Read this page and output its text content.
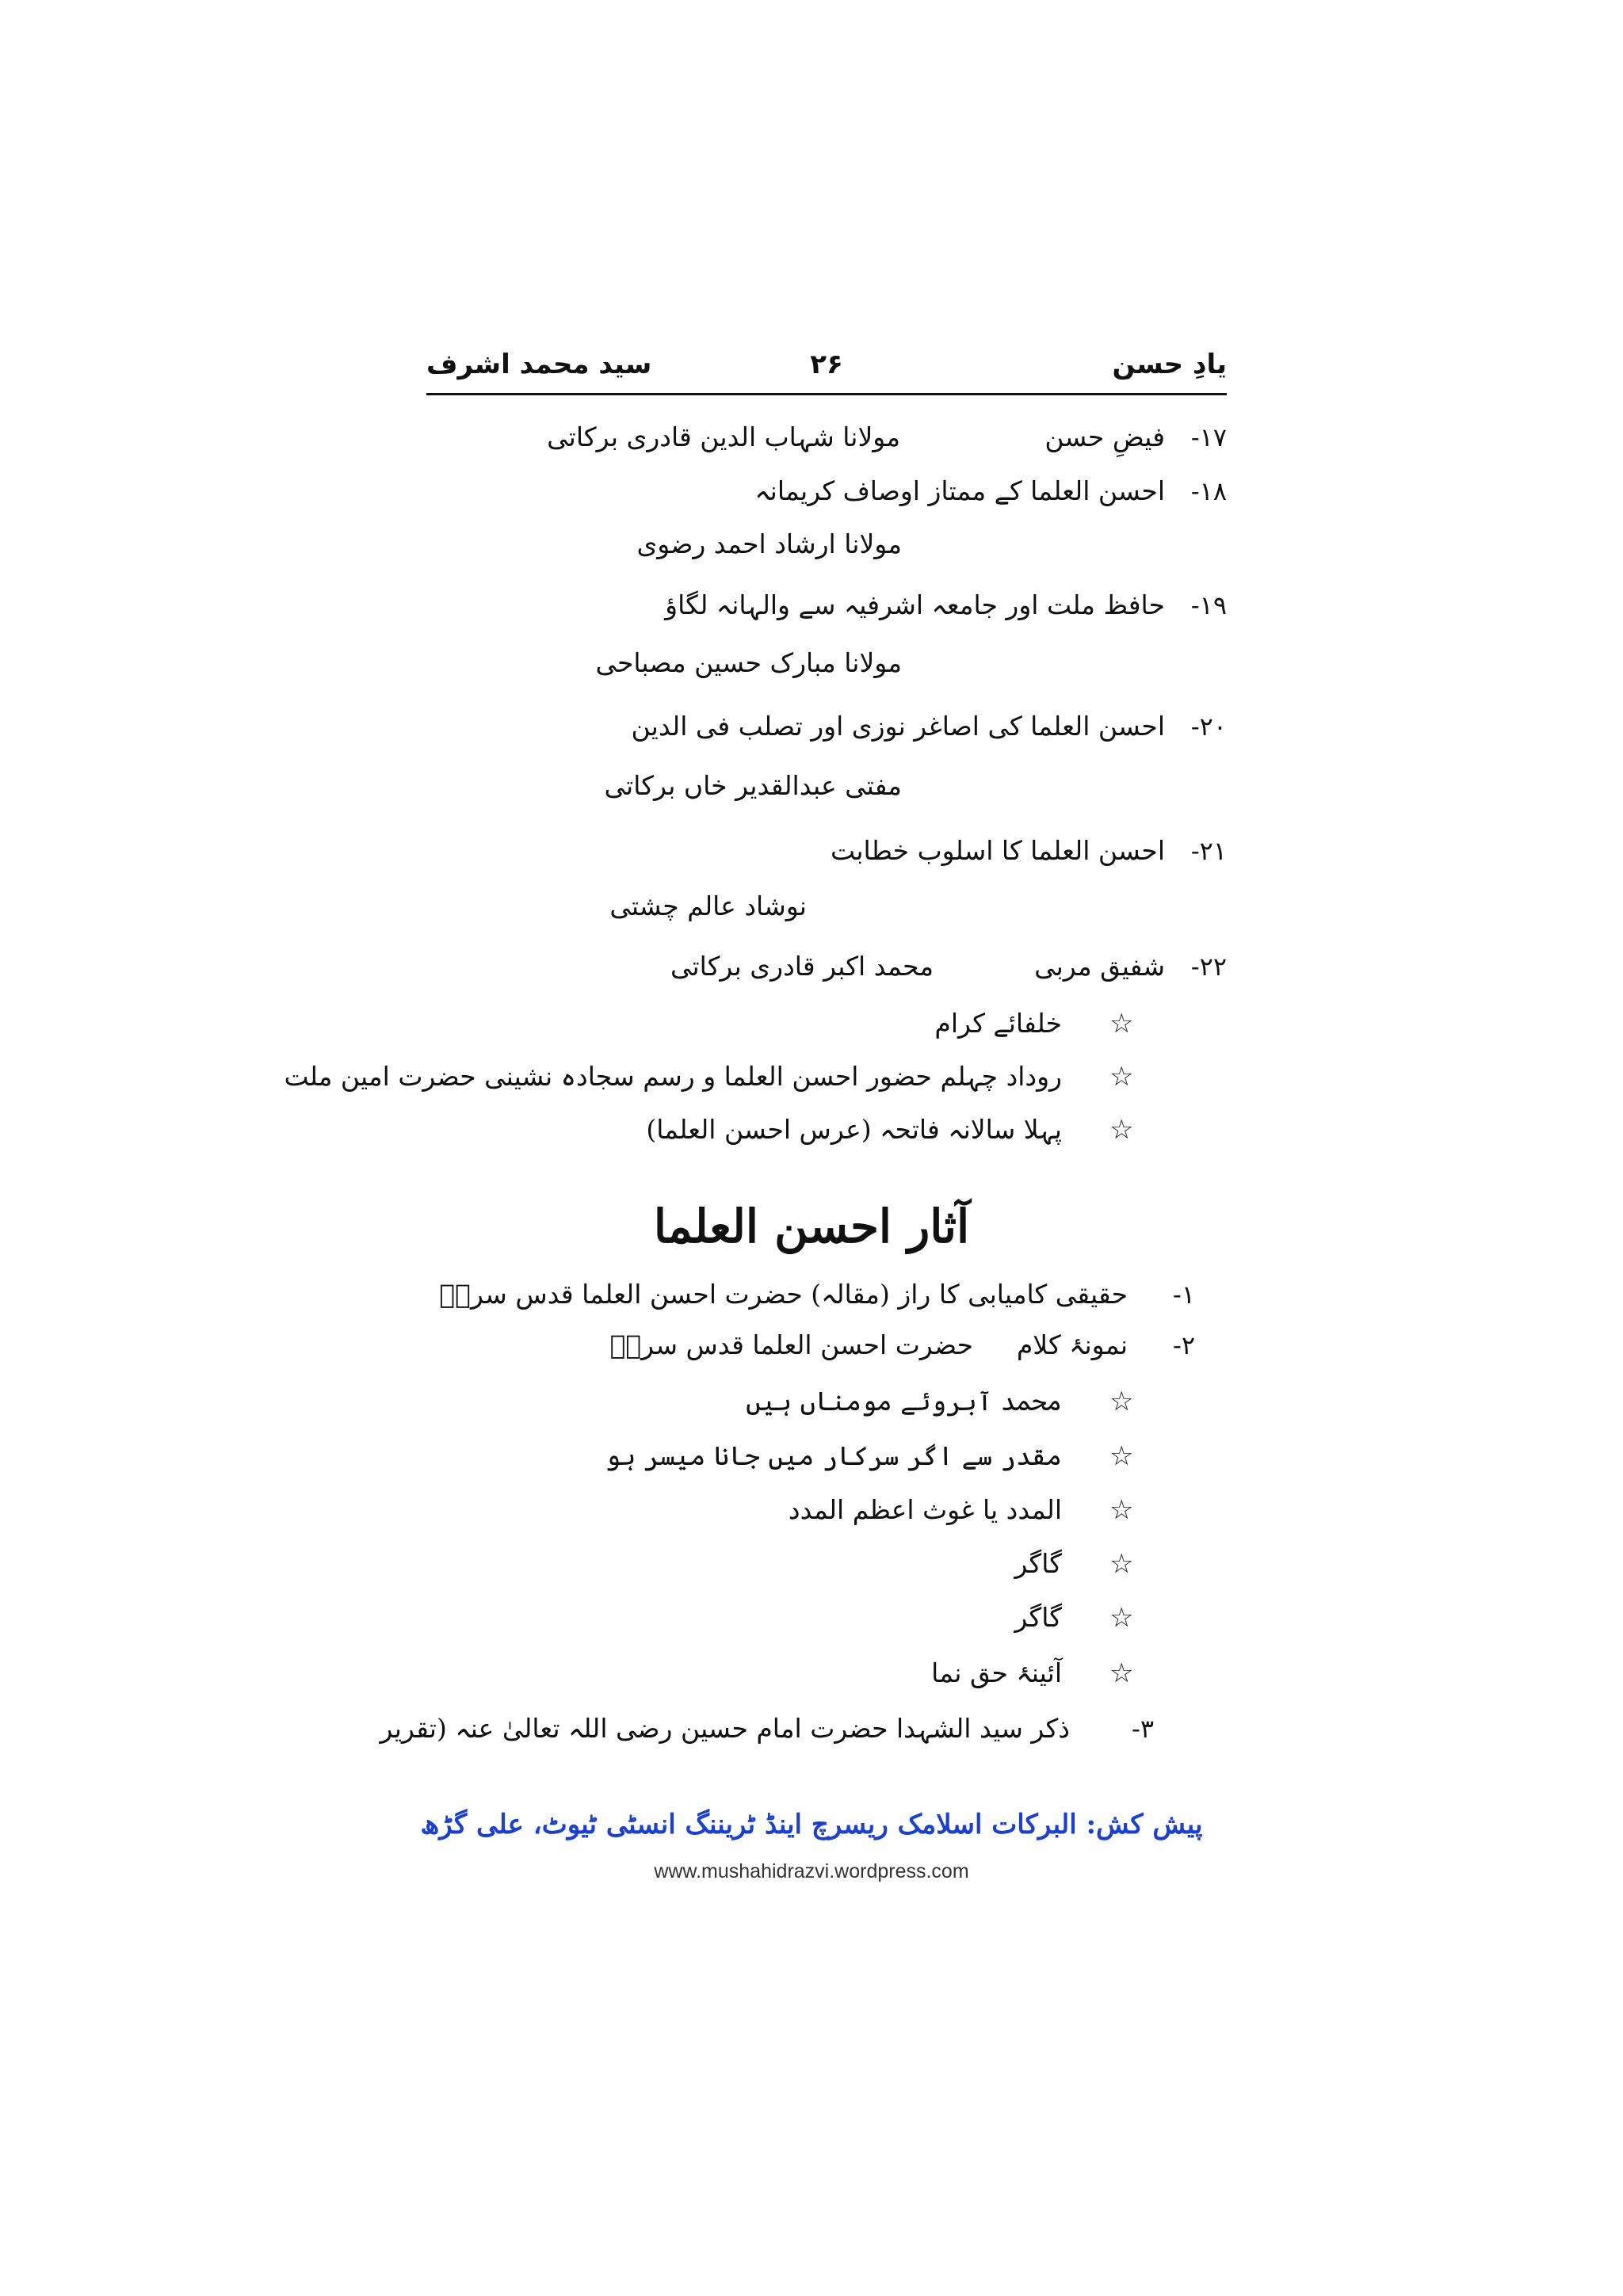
یادِ حسن
۲۶
سید محمد اشرف
۱۷-
فیضِ حسن
مولانا شہاب الدین قادری برکاتی
۱۸-
احسن العلما کے ممتاز اوصاف کریمانہ
مولانا ارشاد احمد رضوی
۱۹-
حافظ ملت اور جامعہ اشرفیہ سے والہانہ لگاؤ
مولانا مبارک حسین مصباحی
۲۰-
احسن العلما کی اصاغر نوزی اور تصلب فی الدین
مفتی عبدالقدیر خاں برکاتی
۲۱-
احسن العلما کا اسلوب خطابت
نوشاد عالم چشتی
۲۲-
شفیق مربی
محمد اکبر قادری برکاتی
☆
خلفائے کرام
☆
روداد چہلم حضور احسن العلما و رسم سجادہ نشینی حضرت امین ملت
☆
پہلا سالانہ فاتحہ (عرس احسن العلما)
آثار احسن العلما
۱-
حقیقی کامیابی کا راز (مقالہ) حضرت احسن العلما قدس سرہٗ
۲-
نمونۂ کلام
حضرت احسن العلما قدس سرہٗ
☆
محمد آبروئے مومناں ہیں
☆
مقدر سے اگر سرکار میں جانا میسر ہو
☆
المدد یا غوث اعظم المدد
☆
گاگر
☆
گاگر
☆
آئینۂ حق نما
۳-
ذکر سید الشہدا حضرت امام حسین رضی اللہ تعالیٰ عنہ (تقریر
پیش کش: البرکات اسلامک ریسرچ اینڈ ٹریننگ انسٹی ٹیوٹ، علی گڑھ
www.mushahidrazvi.wordpress.com
